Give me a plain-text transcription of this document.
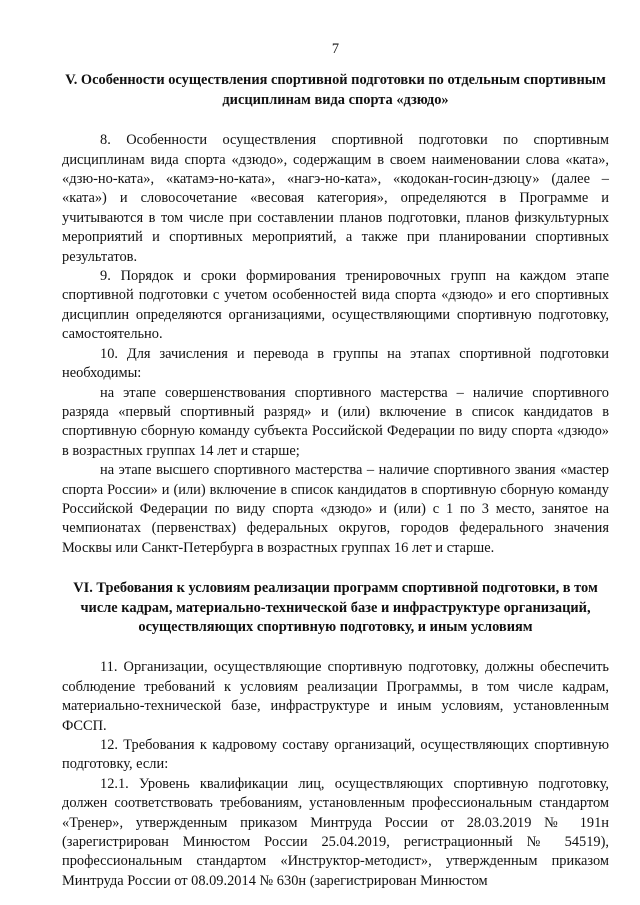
7
V. Особенности осуществления спортивной подготовки по отдельным спортивным дисциплинам вида спорта «дзюдо»

8. Особенности осуществления спортивной подготовки по спортивным дисциплинам вида спорта «дзюдо», содержащим в своем наименовании слова «ката», «дзю-но-ката», «катамэ-но-ката», «нагэ-но-ката», «кодокан-госин-дзюцу» (далее – «ката») и словосочетание «весовая категория», определяются в Программе и учитываются в том числе при составлении планов подготовки, планов физкультурных мероприятий и спортивных мероприятий, а также при планировании спортивных результатов.

9. Порядок и сроки формирования тренировочных групп на каждом этапе спортивной подготовки с учетом особенностей вида спорта «дзюдо» и его спортивных дисциплин определяются организациями, осуществляющими спортивную подготовку, самостоятельно.

10. Для зачисления и перевода в группы на этапах спортивной подготовки необходимы:

на этапе совершенствования спортивного мастерства – наличие спортивного разряда «первый спортивный разряд» и (или) включение в список кандидатов в спортивную сборную команду субъекта Российской Федерации по виду спорта «дзюдо» в возрастных группах 14 лет и старше;

на этапе высшего спортивного мастерства – наличие спортивного звания «мастер спорта России» и (или) включение в список кандидатов в спортивную сборную команду Российской Федерации по виду спорта «дзюдо» и (или) с 1 по 3 место, занятое на чемпионатах (первенствах) федеральных округов, городов федерального значения Москвы или Санкт-Петербурга в возрастных группах 16 лет и старше.

VI. Требования к условиям реализации программ спортивной подготовки, в том числе кадрам, материально-технической базе и инфраструктуре организаций, осуществляющих спортивную подготовку, и иным условиям

11. Организации, осуществляющие спортивную подготовку, должны обеспечить соблюдение требований к условиям реализации Программы, в том числе кадрам, материально-технической базе, инфраструктуре и иным условиям, установленным ФССП.

12. Требования к кадровому составу организаций, осуществляющих спортивную подготовку, если:

12.1. Уровень квалификации лиц, осуществляющих спортивную подготовку, должен соответствовать требованиям, установленным профессиональным стандартом «Тренер», утвержденным приказом Минтруда России от 28.03.2019 № 191н (зарегистрирован Минюстом России 25.04.2019, регистрационный № 54519), профессиональным стандартом «Инструктор-методист», утвержденным приказом Минтруда России от 08.09.2014 № 630н (зарегистрирован Минюстом
